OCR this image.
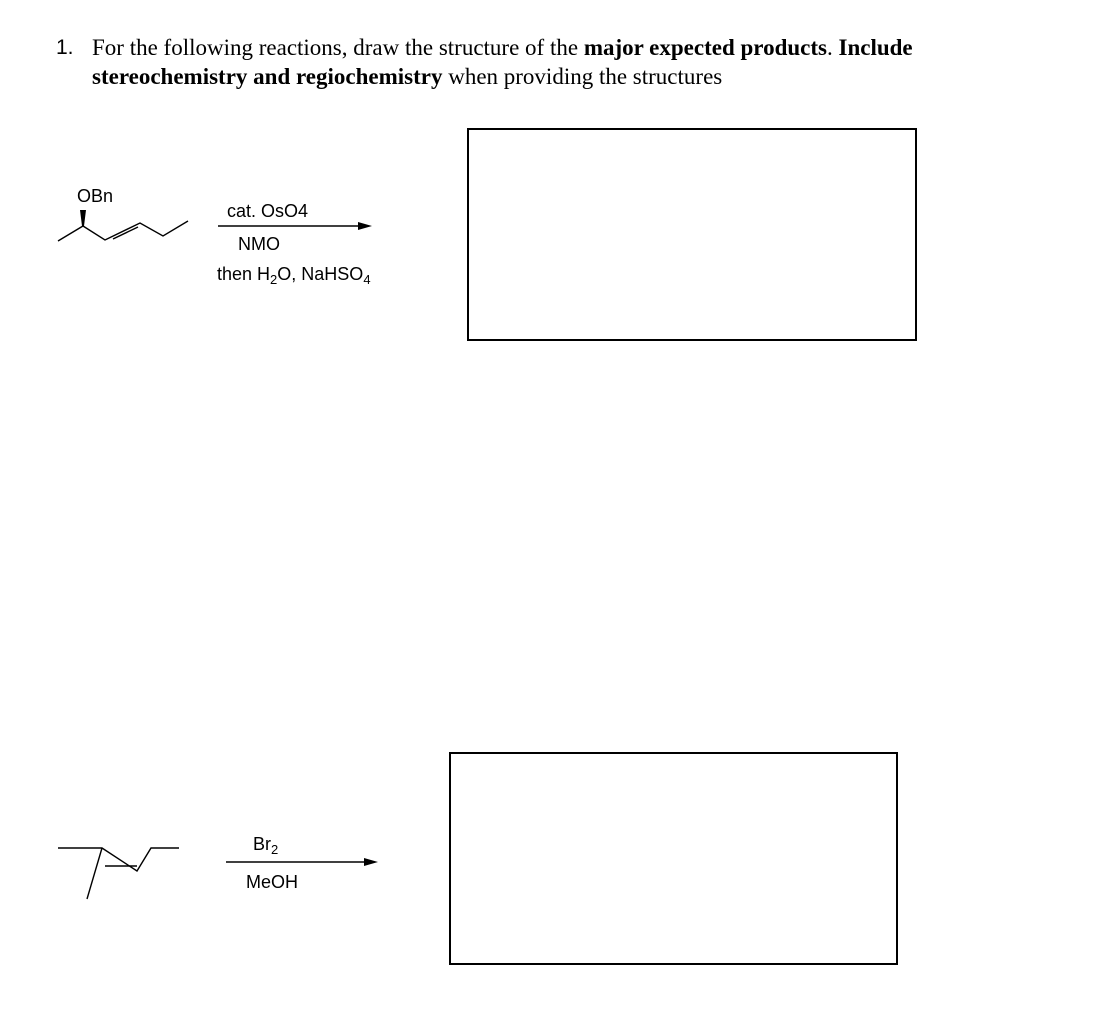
1. For the following reactions, draw the structure of the major expected products. Include stereochemistry and regiochemistry when providing the structures
OBn
cat. OsO4
NMO
then $H_2O$, NaHSO$_4$
$Br_2$
MeOH
